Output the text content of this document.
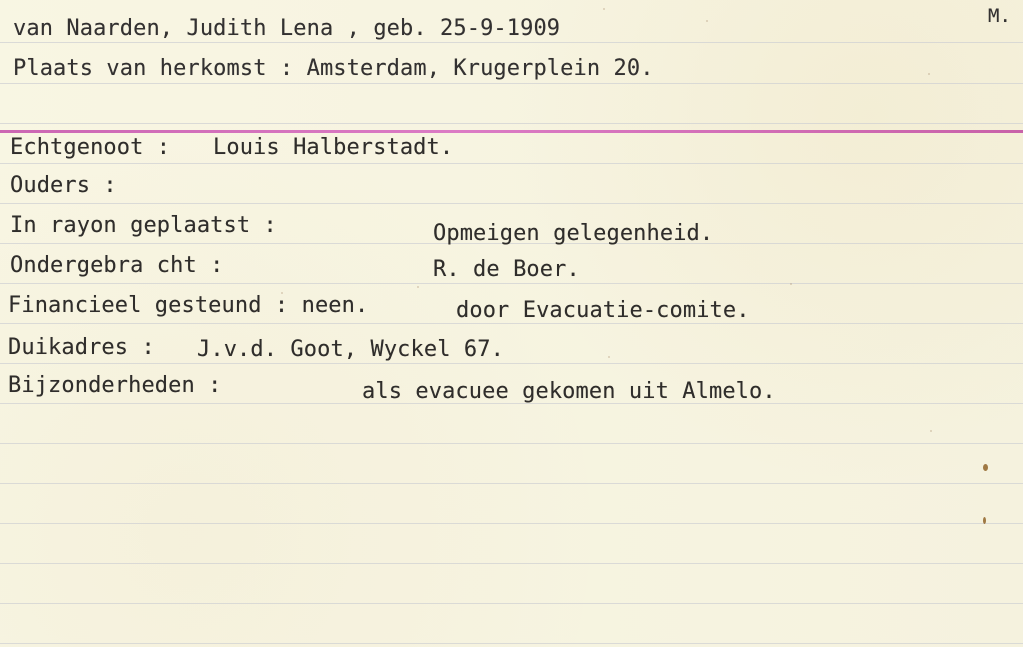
M.
van Naarden, Judith Lena , geb. 25-9-1909
Plaats van herkomst : Amsterdam, Krugerplein 20.
Echtgenoot : Louis Halberstadt.
Ouders :
In rayon geplaatst :	Opmeigen gelegenheid.
Ondergebra cht :	R. de Boer.
Financieel gesteund : neen.	door Evacuatie-comite.
Duikadres : J.v.d. Goot, Wyckel 67.
Bijzonderheden :	als evacuee gekomen uit Almelo.
